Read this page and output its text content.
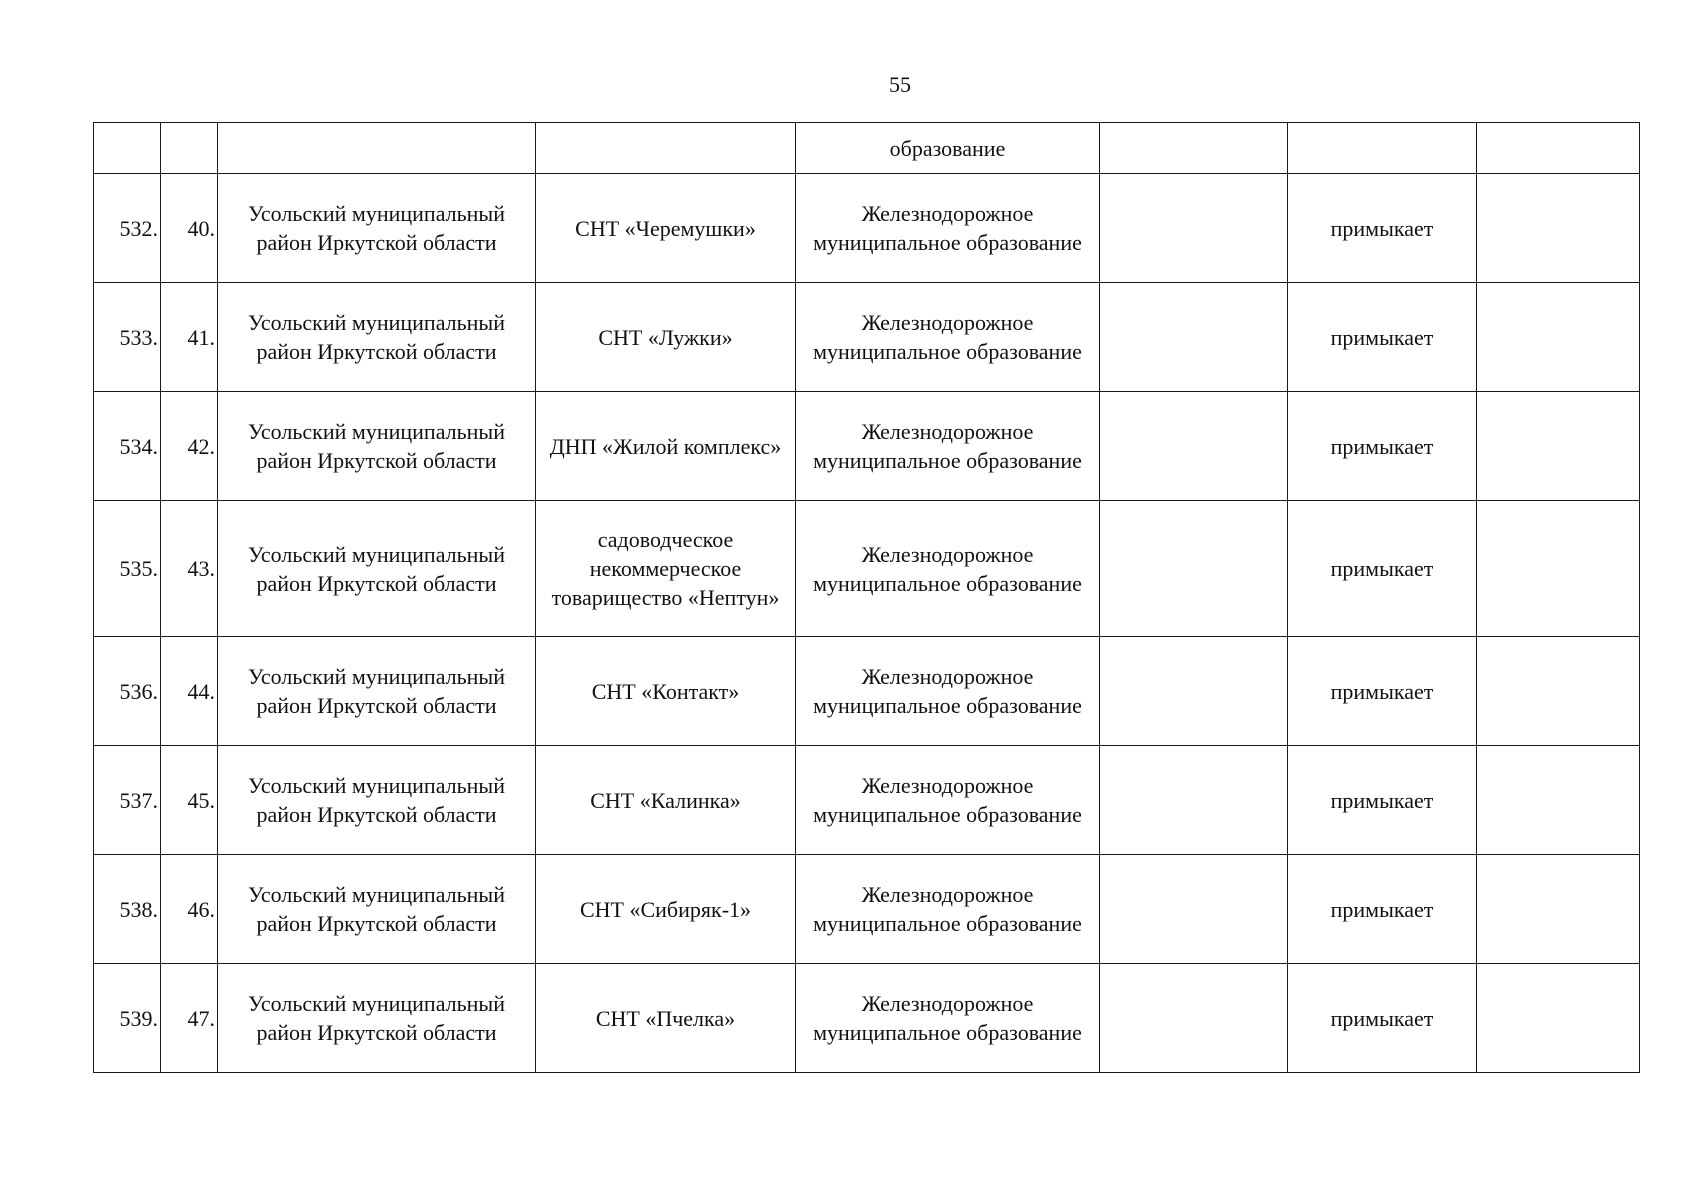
55
				образование			
532.	40.	Усольский муниципальный район Иркутской области	СНТ «Черемушки»	Железнодорожное муниципальное образование		примыкает	
533.	41.	Усольский муниципальный район Иркутской области	СНТ «Лужки»	Железнодорожное муниципальное образование		примыкает	
534.	42.	Усольский муниципальный район Иркутской области	ДНП «Жилой комплекс»	Железнодорожное муниципальное образование		примыкает	
535.	43.	Усольский муниципальный район Иркутской области	садоводческое некоммерческое товарищество «Нептун»	Железнодорожное муниципальное образование		примыкает	
536.	44.	Усольский муниципальный район Иркутской области	СНТ «Контакт»	Железнодорожное муниципальное образование		примыкает	
537.	45.	Усольский муниципальный район Иркутской области	СНТ «Калинка»	Железнодорожное муниципальное образование		примыкает	
538.	46.	Усольский муниципальный район Иркутской области	СНТ «Сибиряк-1»	Железнодорожное муниципальное образование		примыкает	
539.	47.	Усольский муниципальный район Иркутской области	СНТ «Пчелка»	Железнодорожное муниципальное образование		примыкает	
